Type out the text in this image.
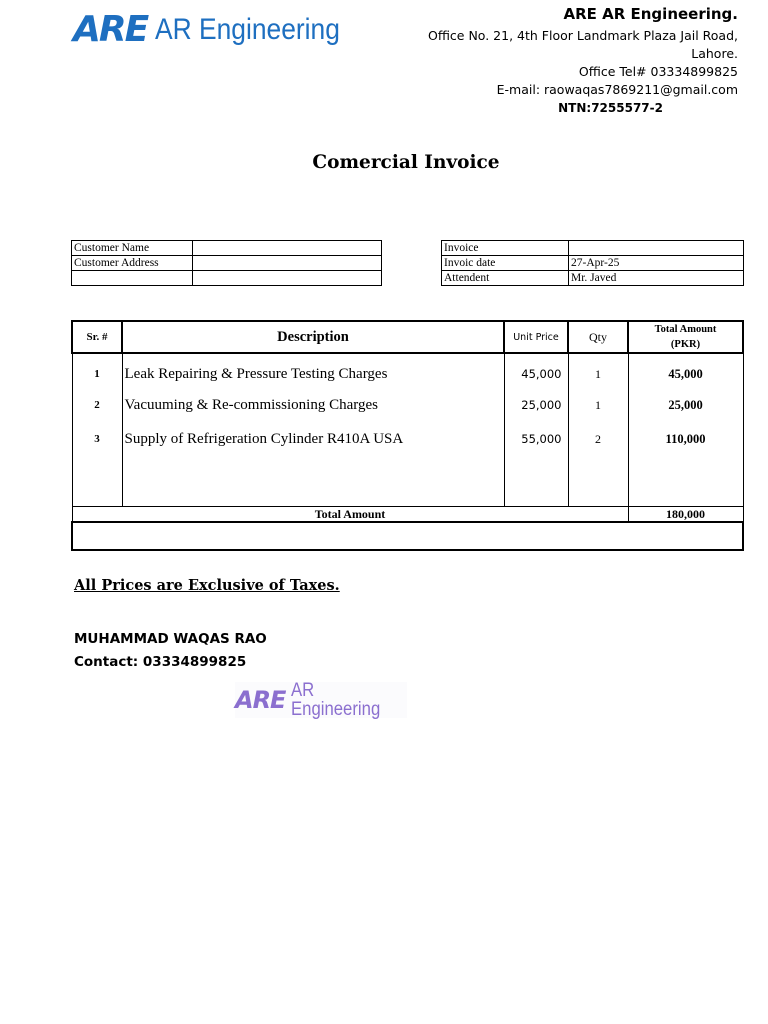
ARE AR Engineering	ARE AR Engineering.
Office No. 21, 4th Floor Landmark Plaza Jail Road,
Lahore.
Office Tel# 03334899825
E-mail: raowaqas7869211@gmail.com
NTN:7255577-2
Comercial Invoice
Customer Name	
Customer Address	

Invoice	
Invoic date	27-Apr-25
Attendent	Mr. Javed
Sr. #	Description	Unit Price	Qty	Total Amount
(PKR)

1	Leak Repairing & Pressure Testing Charges	45,000	1	45,000
2	Vacuuming & Re-commissioning Charges	25,000	1	25,000
3	Supply of Refrigeration Cylinder R410A USA	55,000	2	110,000

Total Amount				180,000

All Prices are Exclusive of Taxes.
MUHAMMAD WAQAS RAO
Contact: 03334899825
ARE AR Engineering
